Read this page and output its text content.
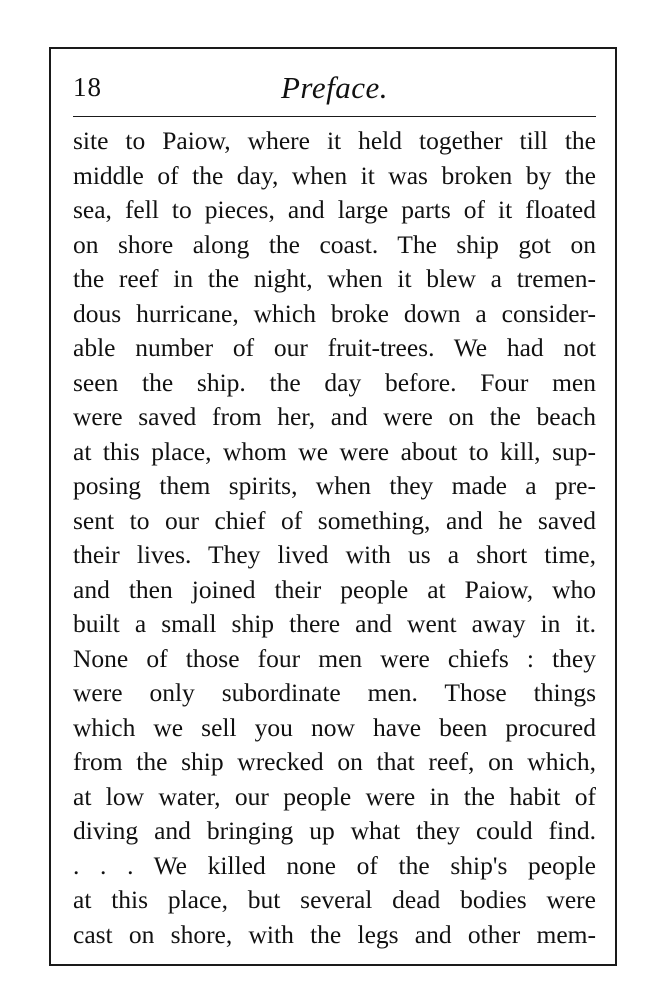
18	Preface.
site to Paiow, where it held together till the
middle of the day, when it was broken by the
sea, fell to pieces, and large parts of it floated
on shore along the coast. The ship got on
the reef in the night, when it blew a tremen-
dous hurricane, which broke down a consider-
able number of our fruit-trees. We had not
seen the ship. the day before. Four men
were saved from her, and were on the beach
at this place, whom we were about to kill, sup-
posing them spirits, when they made a pre-
sent to our chief of something, and he saved
their lives. They lived with us a short time,
and then joined their people at Paiow, who
built a small ship there and went away in it.
None of those four men were chiefs : they
were only subordinate men. Those things
which we sell you now have been procured
from the ship wrecked on that reef, on which,
at low water, our people were in the habit of
diving and bringing up what they could find.
. . . We killed none of the ship's people
at this place, but several dead bodies were
cast on shore, with the legs and other mem-
